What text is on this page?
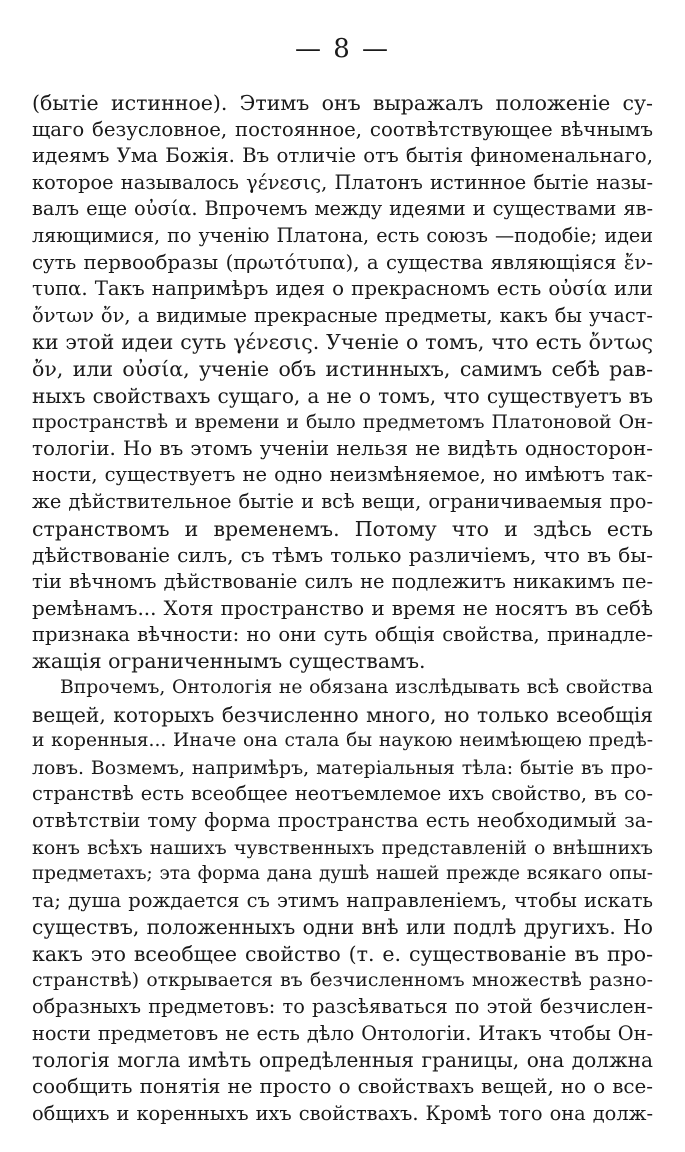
— 8 —
(бытіе истинное). Этимъ онъ выражалъ положеніе су-
щаго безусловное, постоянное, соотвѣтствующее вѣчнымъ
идеямъ Ума Божія. Въ отличіе отъ бытія финоменальнаго,
которое называлось γένεσις, Платонъ истинное бытіе назы-
валъ еще οὐσία. Впрочемъ между идеями и существами яв-
ляющимися, по ученію Платона, есть союзъ —подобіе; идеи
суть первообразы (πρωτότυπα), а существа являющіяся ἔν-
τυπα. Такъ напримѣръ идея о прекрасномъ есть οὐσία или
ὄντων ὄν, а видимые прекрасные предметы, какъ бы участ-
ки этой идеи суть γένεσις. Ученіе о томъ, что есть ὄντως
ὄν, или οὐσία, ученіе объ истинныхъ, самимъ себѣ рав-
ныхъ свойствахъ сущаго, а не о томъ, что существуетъ въ
пространствѣ и времени и было предметомъ Платоновой Он-
тологіи. Но въ этомъ ученіи нельзя не видѣть односторон-
ности, существуетъ не одно неизмѣняемое, но имѣютъ так-
же дѣйствительное бытіе и всѣ вещи, ограничиваемыя про-
странствомъ и временемъ. Потому что и здѣсь есть
дѣйствованіе силъ, съ тѣмъ только различіемъ, что въ бы-
тіи вѣчномъ дѣйствованіе силъ не подлежитъ никакимъ пе-
ремѣнамъ... Хотя пространство и время не носятъ въ себѣ
признака вѣчности: но они суть общія свойства, принадле-
жащія ограниченнымъ существамъ.
Впрочемъ, Онтологія не обязана изслѣдывать всѣ свойства
вещей, которыхъ безчисленно много, но только всеобщія
и коренныя... Иначе она стала бы наукою неимѣющею предѣ-
ловъ. Возмемъ, напримѣръ, матеріальныя тѣла: бытіе въ про-
странствѣ есть всеобщее неотъемлемое ихъ свойство, въ со-
отвѣтствіи тому форма пространства есть необходимый за-
конъ всѣхъ нашихъ чувственныхъ представленій о внѣшнихъ
предметахъ; эта форма дана душѣ нашей прежде всякаго опы-
та; душа рождается съ этимъ направленіемъ, чтобы искать
существъ, положенныхъ одни внѣ или подлѣ другихъ. Но
какъ это всеобщее свойство (т. е. существованіе въ про-
странствѣ) открывается въ безчисленномъ множествѣ разно-
образныхъ предметовъ: то разсѣяваться по этой безчислен-
ности предметовъ не есть дѣло Онтологіи. Итакъ чтобы Он-
тологія могла имѣть опредѣленныя границы, она должна
сообщить понятія не просто о свойствахъ вещей, но о все-
общихъ и коренныхъ ихъ свойствахъ. Кромѣ того она долж-
